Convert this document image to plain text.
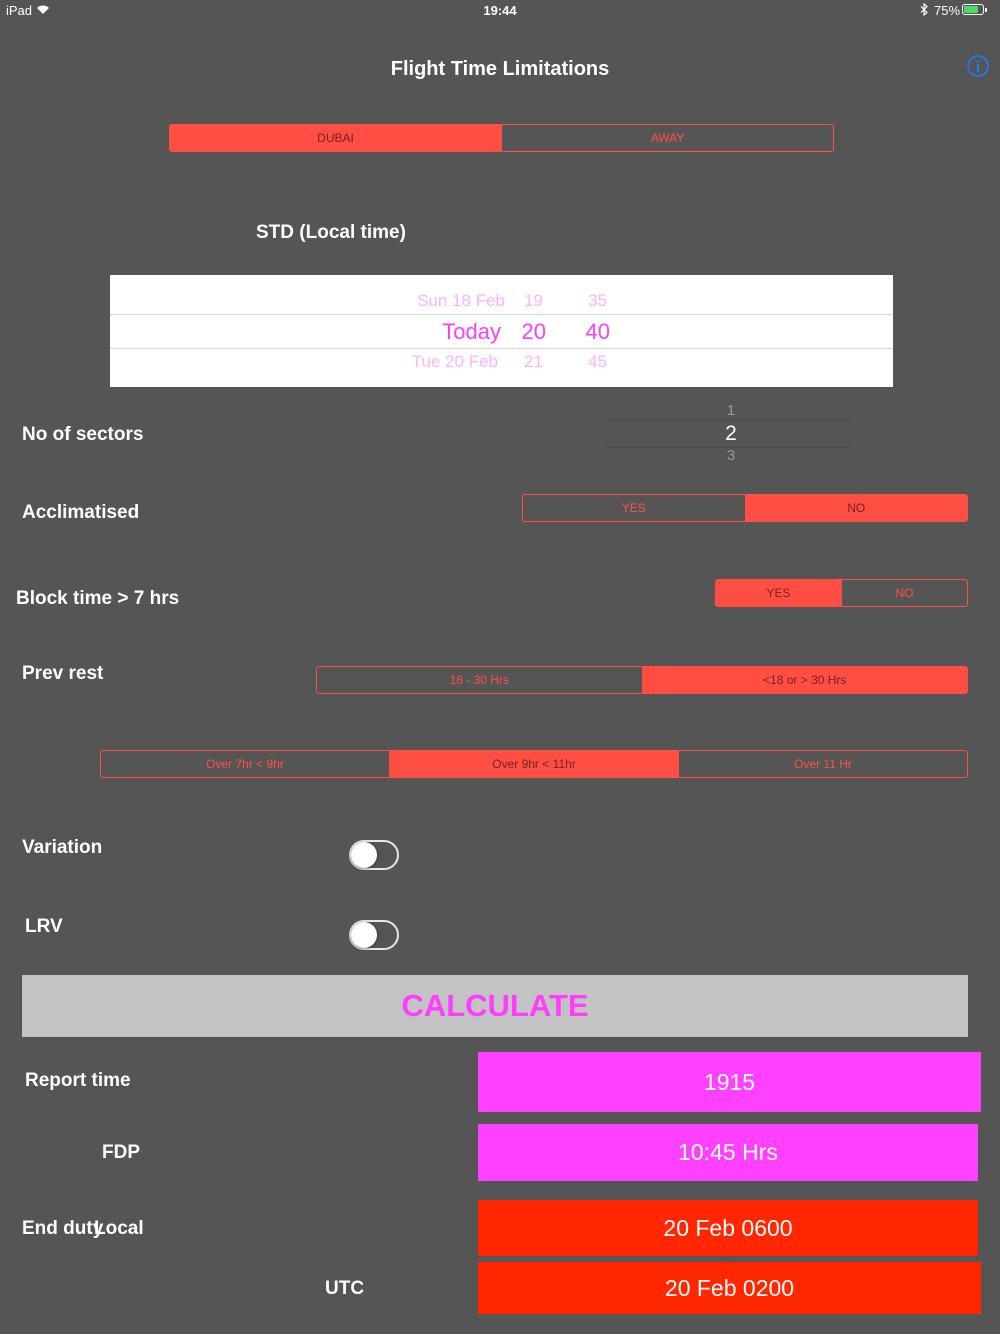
iPad	19:44	75%
Flight Time Limitations
DUBAI	AWAY
STD (Local time)
Sun 18 Feb	19	35
Today 20	40
Tue 20 Feb	21	45
No of sectors
1
2
3
Acclimatised	YES	NO
Block time > 7 hrs	YES	NO
Prev rest	18 - 30 Hrs	<18 or > 30 Hrs
Over 7hr < 9hr	Over 9hr < 11hr	Over 11 Hr
Variation
LRV
CALCULATE
Report time	1915
FDP	10:45 Hrs
End duty
Local	20 Feb 0600
UTC	20 Feb 0200
